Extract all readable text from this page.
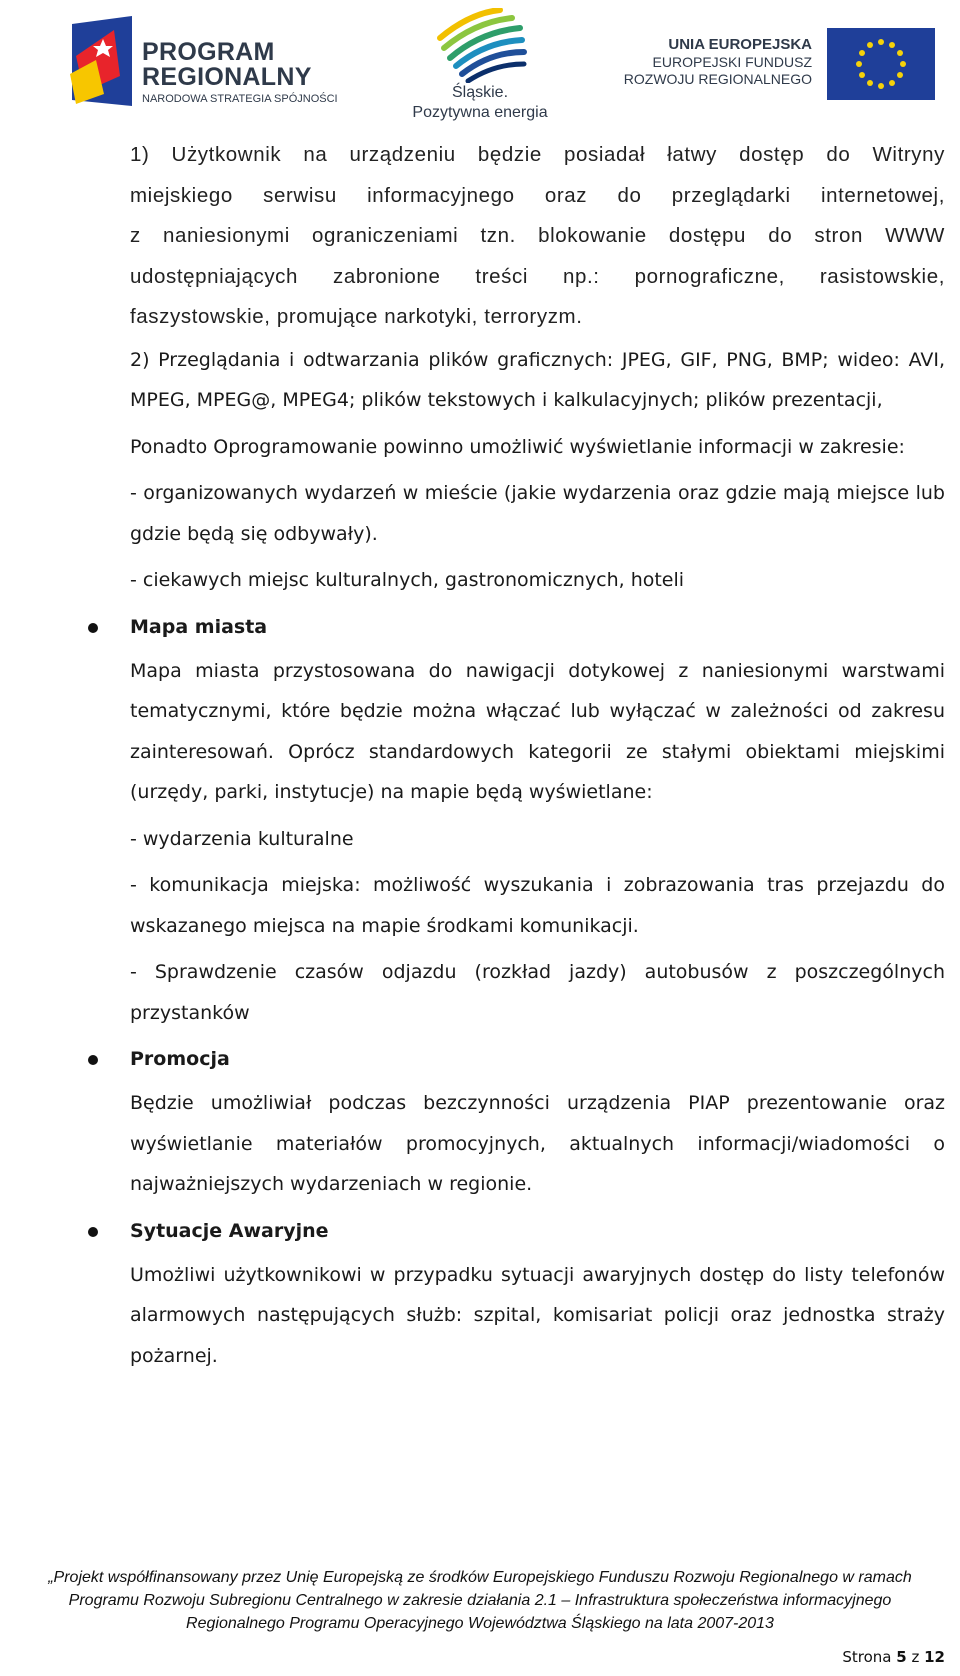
PROGRAM
REGIONALNY
NARODOWA STRATEGIA SPÓJNOŚCI	Śląskie.
Pozytywna energia
UNIA EUROPEJSKA
EUROPEJSKI FUNDUSZ
ROZWOJU REGIONALNEGO
1) Użytkownik na urządzeniu będzie posiadał łatwy dostęp do Witryny
miejskiego serwisu informacyjnego oraz do przeglądarki internetowej,
z naniesionymi ograniczeniami tzn. blokowanie dostępu do stron WWW
udostępniających zabronione treści np.: pornograficzne, rasistowskie,
faszystowskie, promujące narkotyki, terroryzm.

2) Przeglądania i odtwarzania plików graficznych: JPEG, GIF, PNG, BMP; wideo: AVI, MPEG, MPEG@, MPEG4; plików tekstowych i kalkulacyjnych; plików prezentacji,

Ponadto Oprogramowanie powinno umożliwić wyświetlanie informacji w zakresie:

- organizowanych wydarzeń w mieście (jakie wydarzenia oraz gdzie mają miejsce lub gdzie będą się odbywały).

- ciekawych miejsc kulturalnych, gastronomicznych, hoteli

Mapa miasta

Mapa miasta przystosowana do nawigacji dotykowej z naniesionymi warstwami tematycznymi, które będzie można włączać lub wyłączać w zależności od zakresu zainteresowań. Oprócz standardowych kategorii ze stałymi obiektami miejskimi (urzędy, parki, instytucje) na mapie będą wyświetlane:

- wydarzenia kulturalne

- komunikacja miejska: możliwość wyszukania i zobrazowania tras przejazdu do wskazanego miejsca na mapie środkami komunikacji.

- Sprawdzenie czasów odjazdu (rozkład jazdy) autobusów z poszczególnych przystanków

Promocja

Będzie umożliwiał podczas bezczynności urządzenia PIAP prezentowanie oraz wyświetlanie materiałów promocyjnych, aktualnych informacji/wiadomości o najważniejszych wydarzeniach w regionie.

Sytuacje Awaryjne

Umożliwi użytkownikowi w przypadku sytuacji awaryjnych dostęp do listy telefonów alarmowych następujących służb: szpital, komisariat policji oraz jednostka straży pożarnej.

„Projekt współfinansowany przez Unię Europejską ze środków Europejskiego Funduszu Rozwoju Regionalnego w ramach
Programu Rozwoju Subregionu Centralnego w zakresie działania 2.1 – Infrastruktura społeczeństwa informacyjnego
Regionalnego Programu Operacyjnego Województwa Śląskiego na lata 2007-2013
Strona 5 z 12
